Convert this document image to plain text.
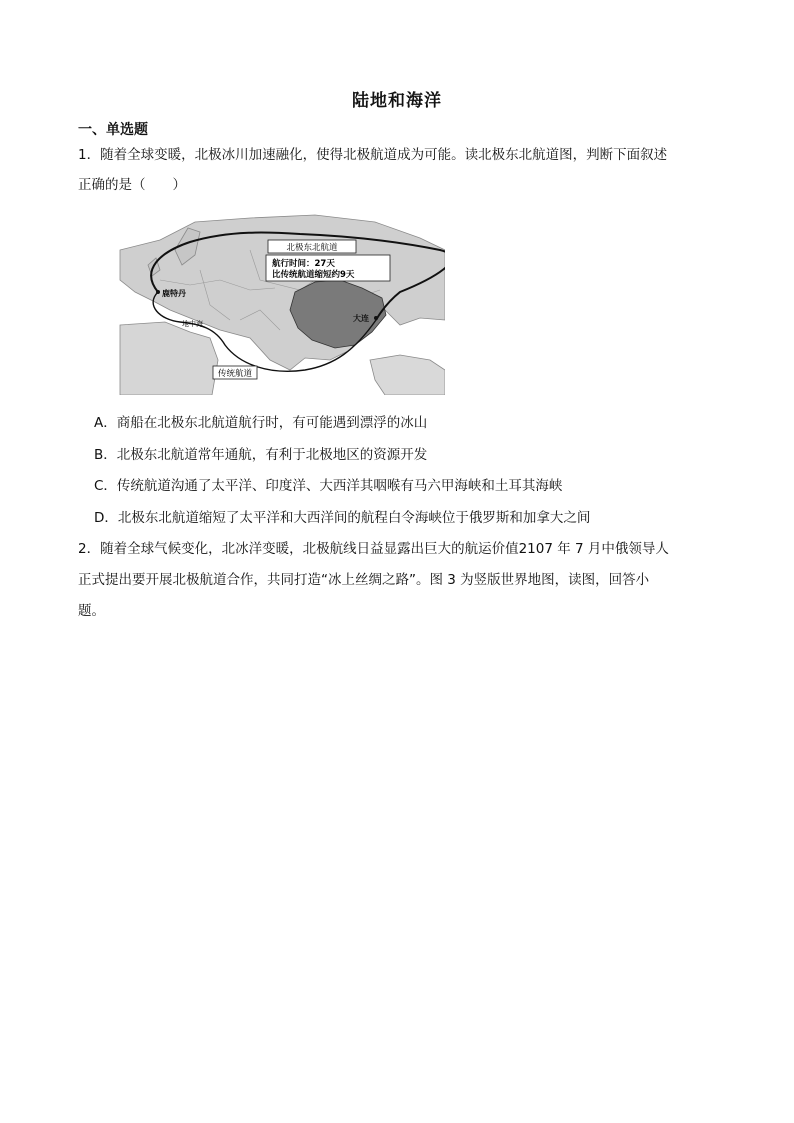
陆地和海洋
一、单选题
1．随着全球变暖，北极冰川加速融化，使得北极航道成为可能。读北极东北航道图，判断下面叙述
正确的是（　　）
北极东北航道
航行时间：27天
比传统航道缩短约9天
鹿特丹
地中海
大连
传统航道
A．商船在北极东北航道航行时，有可能遇到漂浮的冰山
B．北极东北航道常年通航，有利于北极地区的资源开发
C．传统航道沟通了太平洋、印度洋、大西洋其咽喉有马六甲海峡和土耳其海峡
D．北极东北航道缩短了太平洋和大西洋间的航程白令海峡位于俄罗斯和加拿大之间
2．随着全球气候变化，北冰洋变暖，北极航线日益显露出巨大的航运价值2107 年 7 月中俄领导人
正式提出要开展北极航道合作，共同打造“冰上丝绸之路”。图 3 为竖版世界地图，读图，回答小
题。
